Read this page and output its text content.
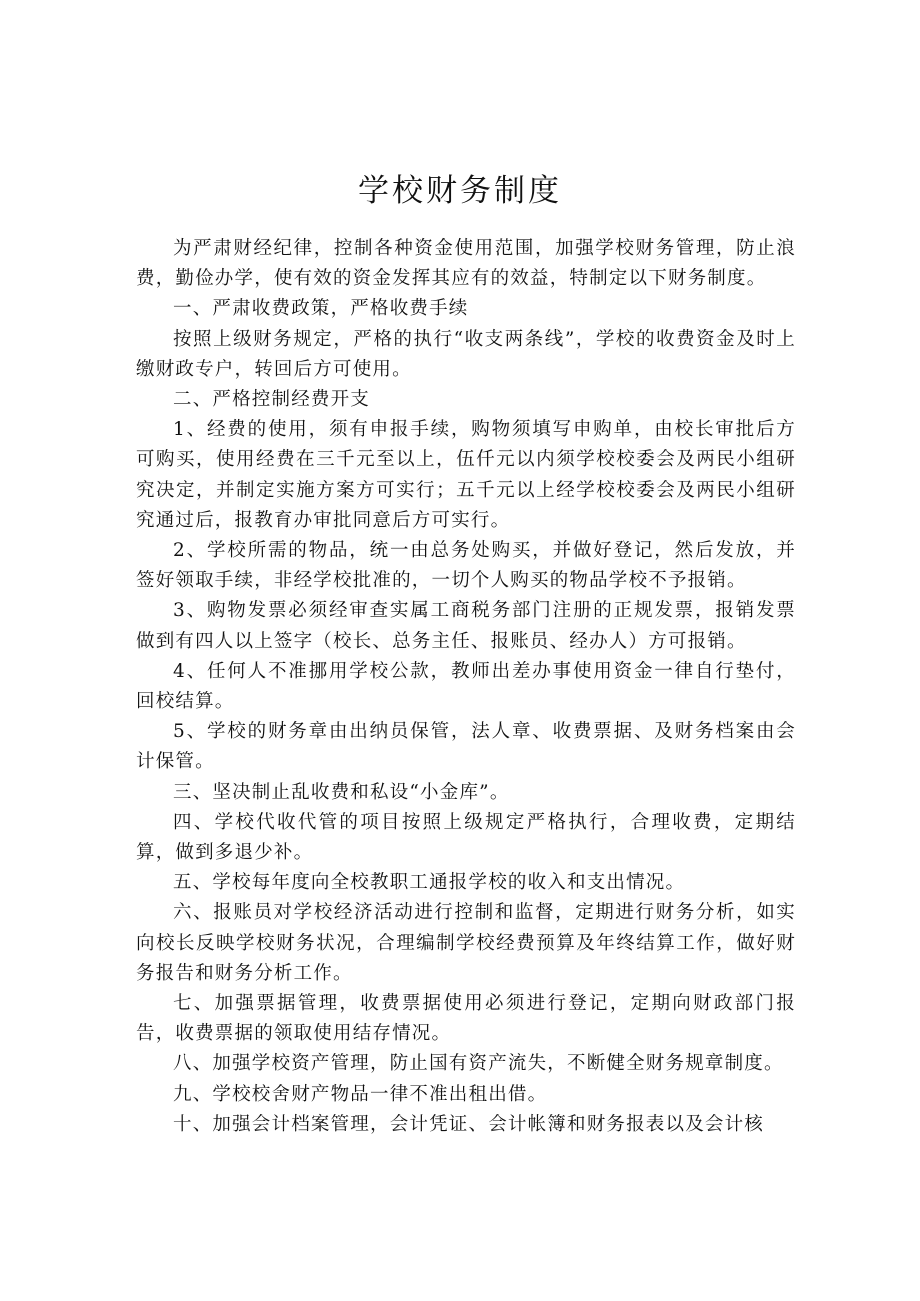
学校财务制度

为严肃财经纪律，控制各种资金使用范围，加强学校财务管理，防止浪费，勤俭办学，使有效的资金发挥其应有的效益，特制定以下财务制度。

一、严肃收费政策，严格收费手续

按照上级财务规定，严格的执行“收支两条线”，学校的收费资金及时上缴财政专户，转回后方可使用。

二、严格控制经费开支

1、经费的使用，须有申报手续，购物须填写申购单，由校长审批后方可购买，使用经费在三千元至以上，伍仟元以内须学校校委会及两民小组研究决定，并制定实施方案方可实行；五千元以上经学校校委会及两民小组研究通过后，报教育办审批同意后方可实行。

2、学校所需的物品，统一由总务处购买，并做好登记，然后发放，并签好领取手续，非经学校批准的，一切个人购买的物品学校不予报销。

3、购物发票必须经审查实属工商税务部门注册的正规发票，报销发票做到有四人以上签字（校长、总务主任、报账员、经办人）方可报销。

4、任何人不准挪用学校公款，教师出差办事使用资金一律自行垫付，回校结算。

5、学校的财务章由出纳员保管，法人章、收费票据、及财务档案由会计保管。

三、坚决制止乱收费和私设“小金库”。

四、学校代收代管的项目按照上级规定严格执行，合理收费，定期结算，做到多退少补。

五、学校每年度向全校教职工通报学校的收入和支出情况。

六、报账员对学校经济活动进行控制和监督，定期进行财务分析，如实向校长反映学校财务状况，合理编制学校经费预算及年终结算工作，做好财务报告和财务分析工作。

七、加强票据管理，收费票据使用必须进行登记，定期向财政部门报告，收费票据的领取使用结存情况。

八、加强学校资产管理，防止国有资产流失，不断健全财务规章制度。

九、学校校舍财产物品一律不准出租出借。

十、加强会计档案管理，会计凭证、会计帐簿和财务报表以及会计核
